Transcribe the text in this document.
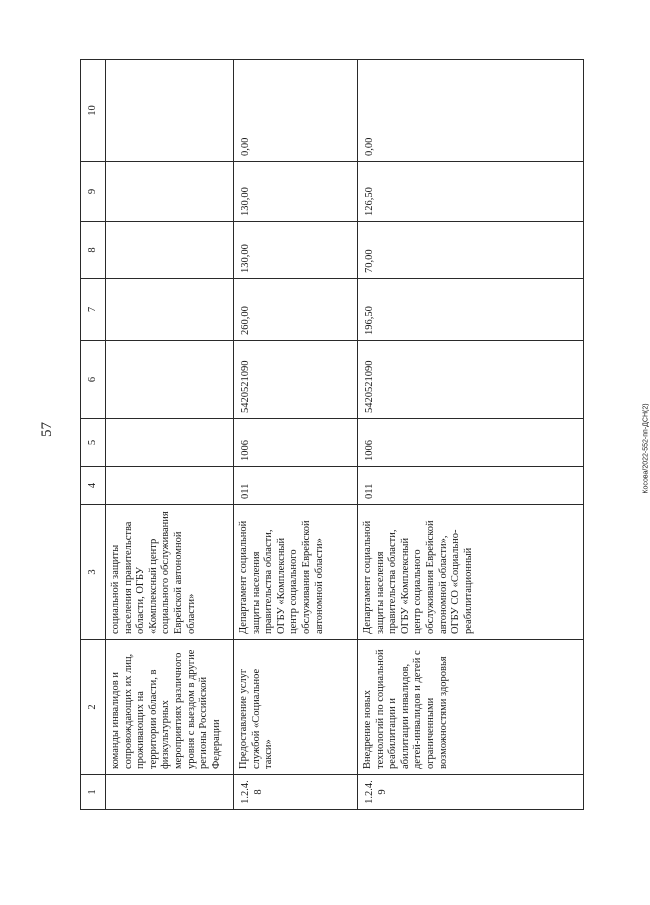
57	Косова/2022-552-пп-ДСН(2)
1	2	3	4	5	6	7	8	9	10
	команды инвалидов и сопровождающих их лиц, проживающих на территории области, в физкультурных мероприятиях различного уровня с выездом в другие регионы Российской Федерации	социальной защиты населения правительства области, ОГБУ «Комплексный центр социального обслуживания Еврейской автономной области»							
1.2.4.8	Предоставление услуг службой «Социальное такси»	Департамент социальной защиты населения правительства области, ОГБУ «Комплексный центр социального обслуживания Еврейской автономной области»	011	1006	5420521090	260,00	130,00	130,00	0,00
1.2.4.9	Внедрение новых технологий по социальной реабилитации и абилитации инвалидов, детей-инвалидов и детей с ограниченными возможностями здоровья	Департамент социальной защиты населения правительства области, ОГБУ «Комплексный центр социального обслуживания Еврейской автономной области», ОГБУ СО «Социально-реабилитационный	011	1006	5420521090	196,50	70,00	126,50	0,00
